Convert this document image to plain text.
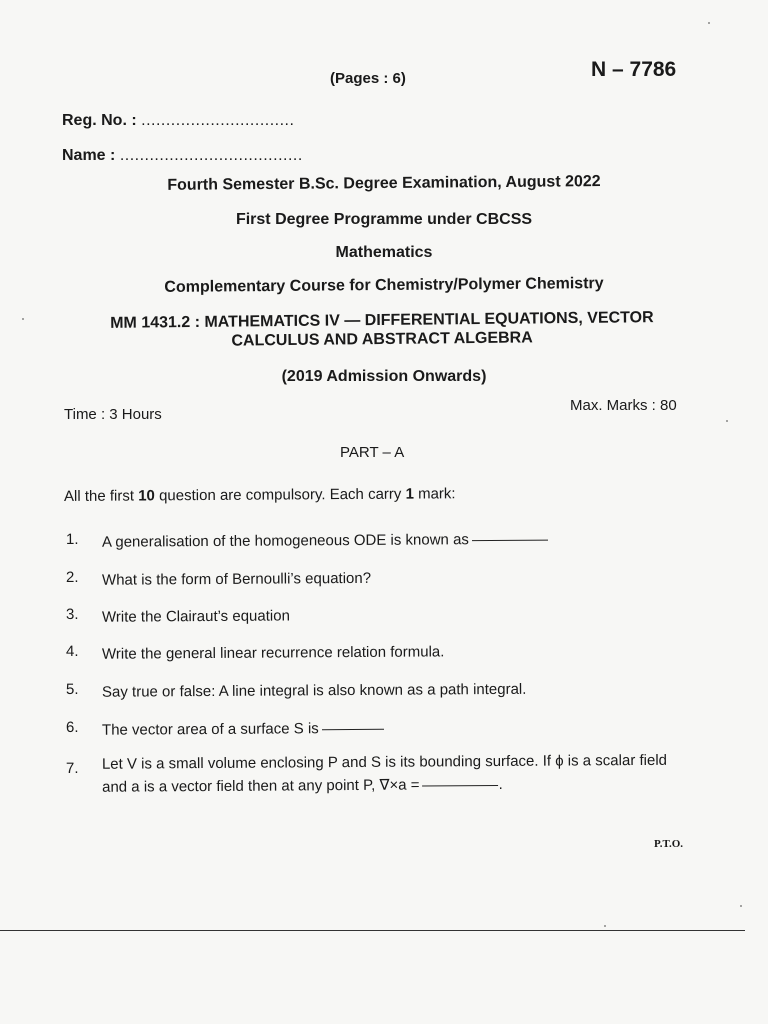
(Pages : 6)	N – 7786
Reg. No. : ...............................
Name : .....................................
Fourth Semester B.Sc. Degree Examination, August 2022
First Degree Programme under CBCSS
Mathematics
Complementary Course for Chemistry/Polymer Chemistry
MM 1431.2 : MATHEMATICS IV — DIFFERENTIAL EQUATIONS, VECTOR CALCULUS AND ABSTRACT ALGEBRA
(2019 Admission Onwards)
Time : 3 Hours
Max. Marks : 80
PART – A
All the first 10 question are compulsory. Each carry 1 mark:
1. A generalisation of the homogeneous ODE is known as
2. What is the form of Bernoulli’s equation?
3. Write the Clairaut’s equation
4. Write the general linear recurrence relation formula.
5. Say true or false: A line integral is also known as a path integral.
6. The vector area of a surface S is
7. Let V is a small volume enclosing P and S is its bounding surface. If ϕ is a scalar field and a is a vector field then at any point P, ∇×a =	.
P.T.O.
